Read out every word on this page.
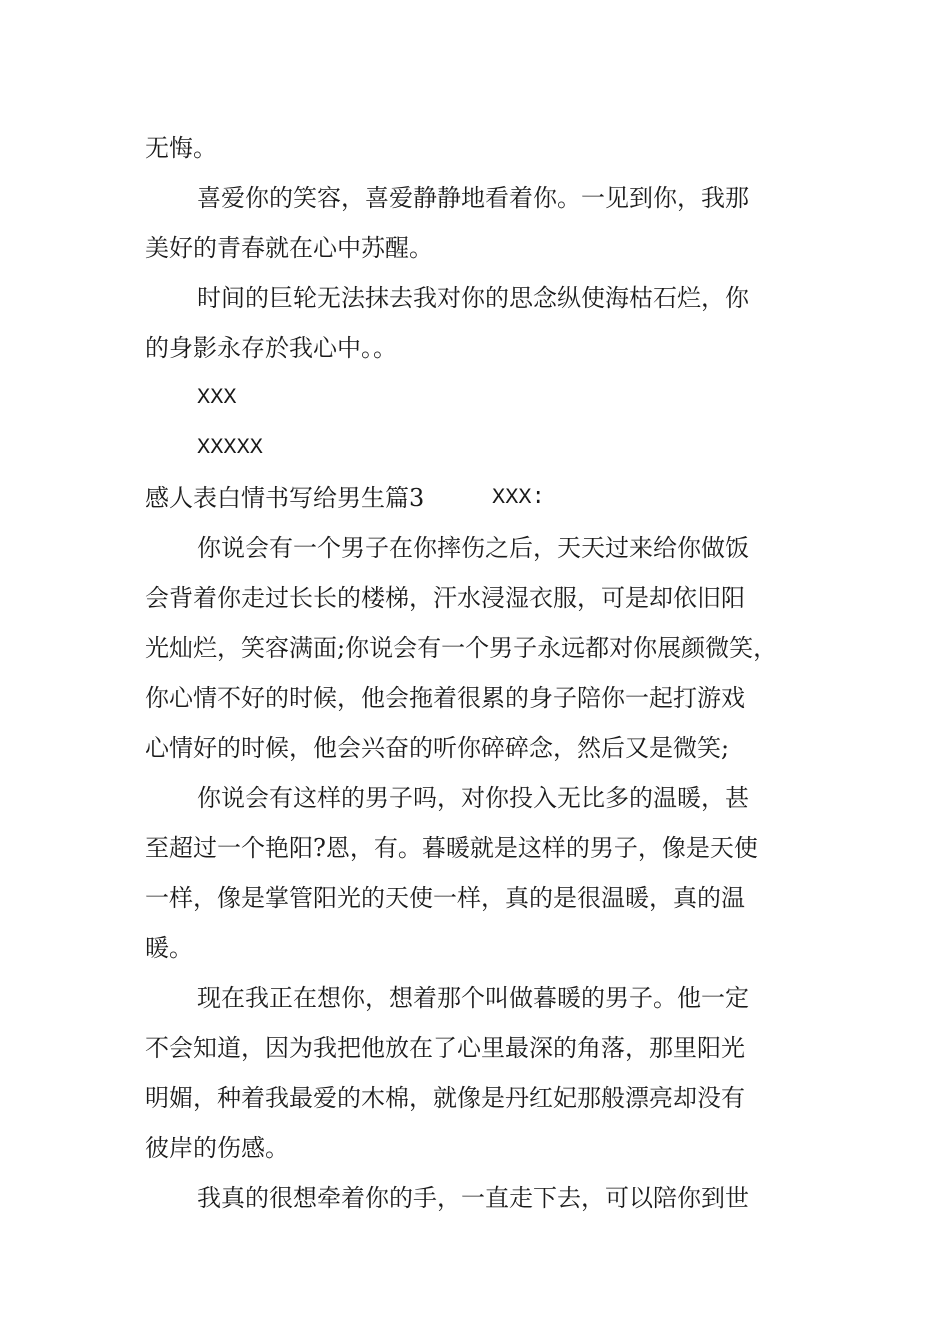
无悔。
喜爱你的笑容，喜爱静静地看着你。一见到你，我那
美好的青春就在心中苏醒。
时间的巨轮无法抹去我对你的思念纵使海枯石烂，你
的身影永存於我心中。。
XXX
XXXXX
感人表白情书写给男生篇3	XXX:
你说会有一个男子在你摔伤之后，天天过来给你做饭
会背着你走过长长的楼梯，汗水浸湿衣服，可是却依旧阳
光灿烂，笑容满面;你说会有一个男子永远都对你展颜微笑，
你心情不好的时候，他会拖着很累的身子陪你一起打游戏
心情好的时候，他会兴奋的听你碎碎念，然后又是微笑;
你说会有这样的男子吗，对你投入无比多的温暖，甚
至超过一个艳阳?恩，有。暮暖就是这样的男子，像是天使
一样，像是掌管阳光的天使一样，真的是很温暖，真的温
暖。
现在我正在想你，想着那个叫做暮暖的男子。他一定
不会知道，因为我把他放在了心里最深的角落，那里阳光
明媚，种着我最爱的木棉，就像是丹红妃那般漂亮却没有
彼岸的伤感。
我真的很想牵着你的手，一直走下去，可以陪你到世
